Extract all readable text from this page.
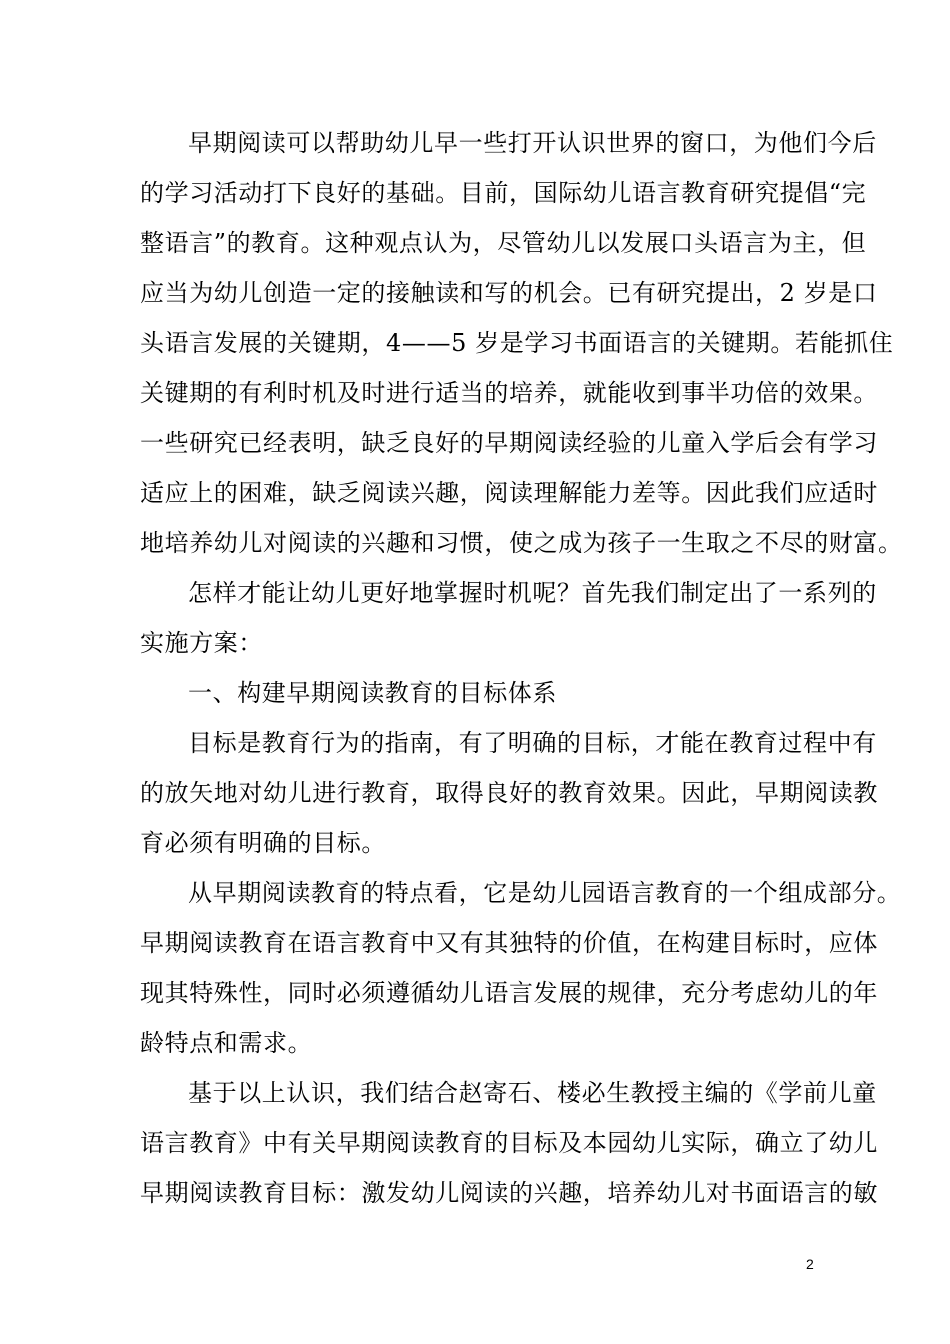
早期阅读可以帮助幼儿早一些打开认识世界的窗口，为他们今后
的学习活动打下良好的基础。目前，国际幼儿语言教育研究提倡“完
整语言”的教育。这种观点认为，尽管幼儿以发展口头语言为主，但
应当为幼儿创造一定的接触读和写的机会。已有研究提出，2 岁是口
头语言发展的关键期，4——5 岁是学习书面语言的关键期。若能抓住
关键期的有利时机及时进行适当的培养，就能收到事半功倍的效果。
一些研究已经表明，缺乏良好的早期阅读经验的儿童入学后会有学习
适应上的困难，缺乏阅读兴趣，阅读理解能力差等。因此我们应适时
地培养幼儿对阅读的兴趣和习惯，使之成为孩子一生取之不尽的财富。
怎样才能让幼儿更好地掌握时机呢？首先我们制定出了一系列的
实施方案：
一、构建早期阅读教育的目标体系
目标是教育行为的指南，有了明确的目标，才能在教育过程中有
的放矢地对幼儿进行教育，取得良好的教育效果。因此，早期阅读教
育必须有明确的目标。
从早期阅读教育的特点看，它是幼儿园语言教育的一个组成部分。
早期阅读教育在语言教育中又有其独特的价值，在构建目标时，应体
现其特殊性，同时必须遵循幼儿语言发展的规律，充分考虑幼儿的年
龄特点和需求。
基于以上认识，我们结合赵寄石、楼必生教授主编的《学前儿童
语言教育》中有关早期阅读教育的目标及本园幼儿实际，确立了幼儿
早期阅读教育目标：激发幼儿阅读的兴趣，培养幼儿对书面语言的敏
2
